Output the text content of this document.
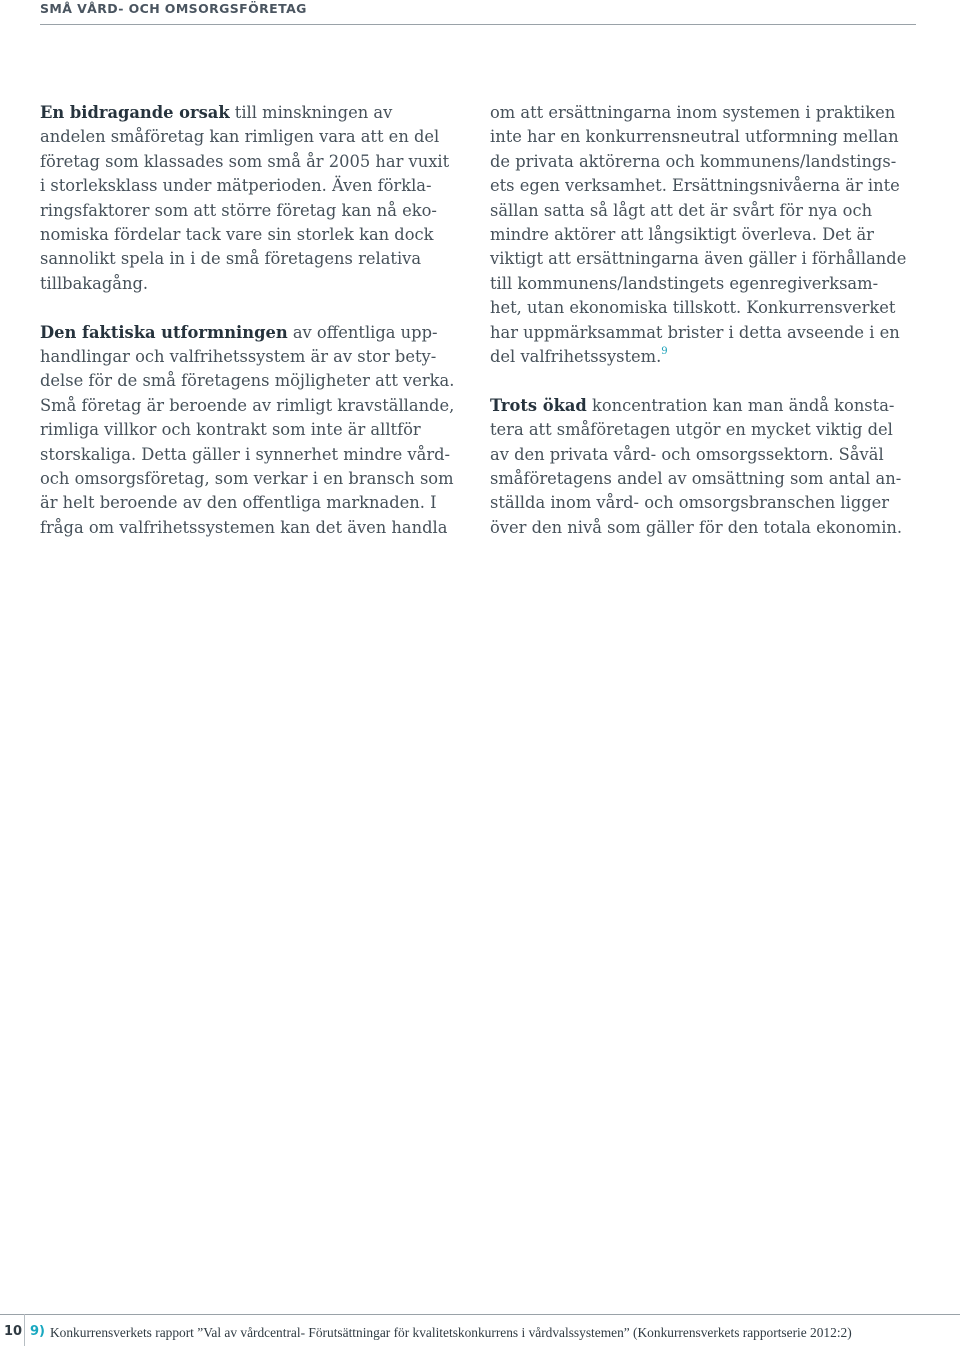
SMÅ VÅRD- OCH OMSORGSFÖRETAG

En bidragande orsak till minskningen av
andelen småföretag kan rimligen vara att en del
företag som klassades som små år 2005 har vuxit
i storleksklass under mätperioden. Även förkla-
ringsfaktorer som att större företag kan nå eko-
nomiska fördelar tack vare sin storlek kan dock
sannolikt spela in i de små företagens relativa
tillbakagång.

Den faktiska utformningen av offentliga upp-
handlingar och valfrihetssystem är av stor bety-
delse för de små företagens möjligheter att verka.
Små företag är beroende av rimligt kravställande,
rimliga villkor och kontrakt som inte är alltför
storskaliga. Detta gäller i synnerhet mindre vård-
och omsorgsföretag, som verkar i en bransch som
är helt beroende av den offentliga marknaden. I
fråga om valfrihetssystemen kan det även handla

om att ersättningarna inom systemen i praktiken
inte har en konkurrensneutral utformning mellan
de privata aktörerna och kommunens/landstings-
ets egen verksamhet. Ersättningsnivåerna är inte
sällan satta så lågt att det är svårt för nya och
mindre aktörer att långsiktigt överleva. Det är
viktigt att ersättningarna även gäller i förhållande
till kommunens/landstingets egenregiverksam-
het, utan ekonomiska tillskott. Konkurrensverket
har uppmärksammat brister i detta avseende i en
del valfrihetssystem.$^9$

Trots ökad koncentration kan man ändå konsta-
tera att småföretagen utgör en mycket viktig del
av den privata vård- och omsorgssektorn. Såväl
småföretagens andel av omsättning som antal an-
ställda inom vård- och omsorgsbranschen ligger
över den nivå som gäller för den totala ekonomin.

10 9) Konkurrensverkets rapport ”Val av vårdcentral- Förutsättningar för kvalitetskonkurrens i vårdvalssystemen” (Konkurrensverkets rapportserie 2012:2)
